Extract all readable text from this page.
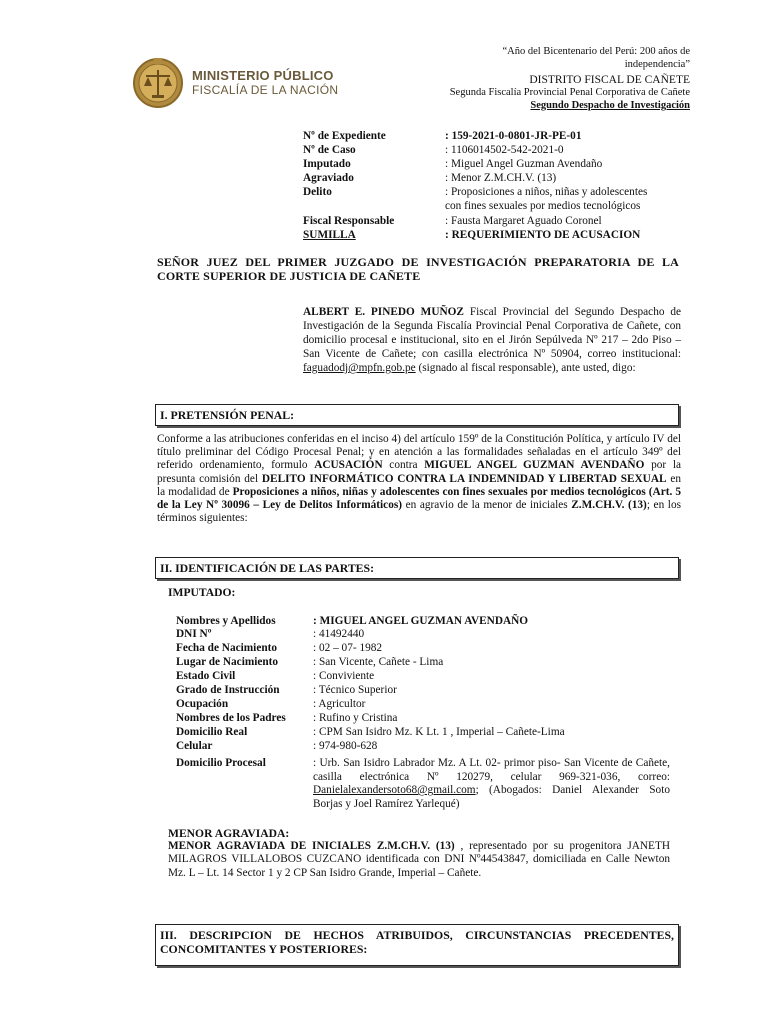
MINISTERIO PÚBLICO
FISCALÍA DE LA NACIÓN
“Año del Bicentenario del Perú: 200 años de independencia”
DISTRITO FISCAL DE CAÑETE
Segunda Fiscalía Provincial Penal Corporativa de Cañete
Segundo Despacho de Investigación
Nº de Expediente	: 159-2021-0-0801-JR-PE-01
Nº de Caso	: 1106014502-542-2021-0
Imputado	: Miguel Angel Guzman Avendaño
Agraviado	: Menor Z.M.CH.V. (13)
Delito	: Proposiciones a niños, niñas y adolescentes
con fines sexuales por medios tecnológicos
Fiscal Responsable	: Fausta Margaret Aguado Coronel
SUMILLA	: REQUERIMIENTO DE ACUSACION
SEÑOR JUEZ DEL PRIMER JUZGADO DE INVESTIGACIÓN PREPARATORIA DE LA CORTE SUPERIOR DE JUSTICIA DE CAÑETE
ALBERT E. PINEDO MUÑOZ Fiscal Provincial del Segundo Despacho de Investigación de la Segunda Fiscalía Provincial Penal Corporativa de Cañete, con domicilio procesal e institucional, sito en el Jirón Sepúlveda Nº 217 – 2do Piso – San Vicente de Cañete; con casilla electrónica Nº 50904, correo institucional: faguadodj@mpfn.gob.pe (signado al fiscal responsable), ante usted, digo:
I. PRETENSIÓN PENAL:
Conforme a las atribuciones conferidas en el inciso 4) del artículo 159º de la Constitución Política, y artículo IV del título preliminar del Código Procesal Penal; y en atención a las formalidades señaladas en el artículo 349º del referido ordenamiento, formulo ACUSACIÓN contra MIGUEL ANGEL GUZMAN AVENDAÑO por la presunta comisión del DELITO INFORMÁTICO CONTRA LA INDEMNIDAD Y LIBERTAD SEXUAL en la modalidad de Proposiciones a niños, niñas y adolescentes con fines sexuales por medios tecnológicos (Art. 5 de la Ley Nº 30096 – Ley de Delitos Informáticos) en agravio de la menor de iniciales Z.M.CH.V. (13); en los términos siguientes:
II. IDENTIFICACIÓN DE LAS PARTES:
IMPUTADO:
Nombres y Apellidos	: MIGUEL ANGEL GUZMAN AVENDAÑO
DNI Nº	: 41492440
Fecha de Nacimiento	: 02 – 07- 1982
Lugar de Nacimiento	: San Vicente, Cañete - Lima
Estado Civil	: Conviviente
Grado de Instrucción	: Técnico Superior
Ocupación	: Agricultor
Nombres de los Padres : Rufino y Cristina
Domicilio Real	: CPM San Isidro Mz. K Lt. 1 , Imperial – Cañete-Lima
Celular	: 974-980-628
Domicilio Procesal	: Urb. San Isidro Labrador Mz. A Lt. 02- primor piso- San Vicente de Cañete, casilla electrónica Nº 120279, celular 969-321-036, correo: Danielalexandersoto68@gmail.com; (Abogados: Daniel Alexander Soto Borjas y Joel Ramírez Yarlequé)
MENOR AGRAVIADA:
MENOR AGRAVIADA DE INICIALES Z.M.CH.V. (13) , representado por su progenitora JANETH MILAGROS VILLALOBOS CUZCANO identificada con DNI Nº44543847, domiciliada en Calle Newton Mz. L – Lt. 14 Sector 1 y 2 CP San Isidro Grande, Imperial – Cañete.
III. DESCRIPCION DE HECHOS ATRIBUIDOS, CIRCUNSTANCIAS PRECEDENTES, CONCOMITANTES Y POSTERIORES:
